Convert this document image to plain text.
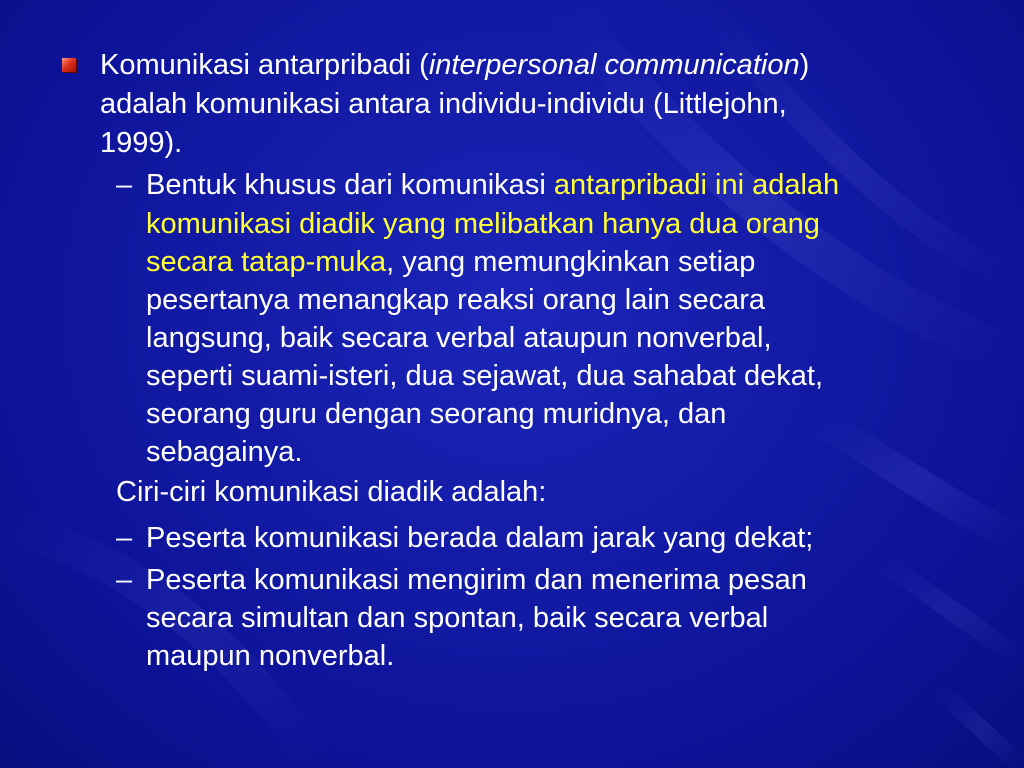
Komunikasi antarpribadi (interpersonal communication)
adalah komunikasi antara individu-individu (Littlejohn,
1999).
– Bentuk khusus dari komunikasi antarpribadi ini adalah
komunikasi diadik yang melibatkan hanya dua orang
secara tatap-muka, yang memungkinkan setiap
pesertanya menangkap reaksi orang lain secara
langsung, baik secara verbal ataupun nonverbal,
seperti suami-isteri, dua sejawat, dua sahabat dekat,
seorang guru dengan seorang muridnya, dan
sebagainya.
Ciri-ciri komunikasi diadik adalah:
– Peserta komunikasi berada dalam jarak yang dekat;
– Peserta komunikasi mengirim dan menerima pesan
secara simultan dan spontan, baik secara verbal
maupun nonverbal.
